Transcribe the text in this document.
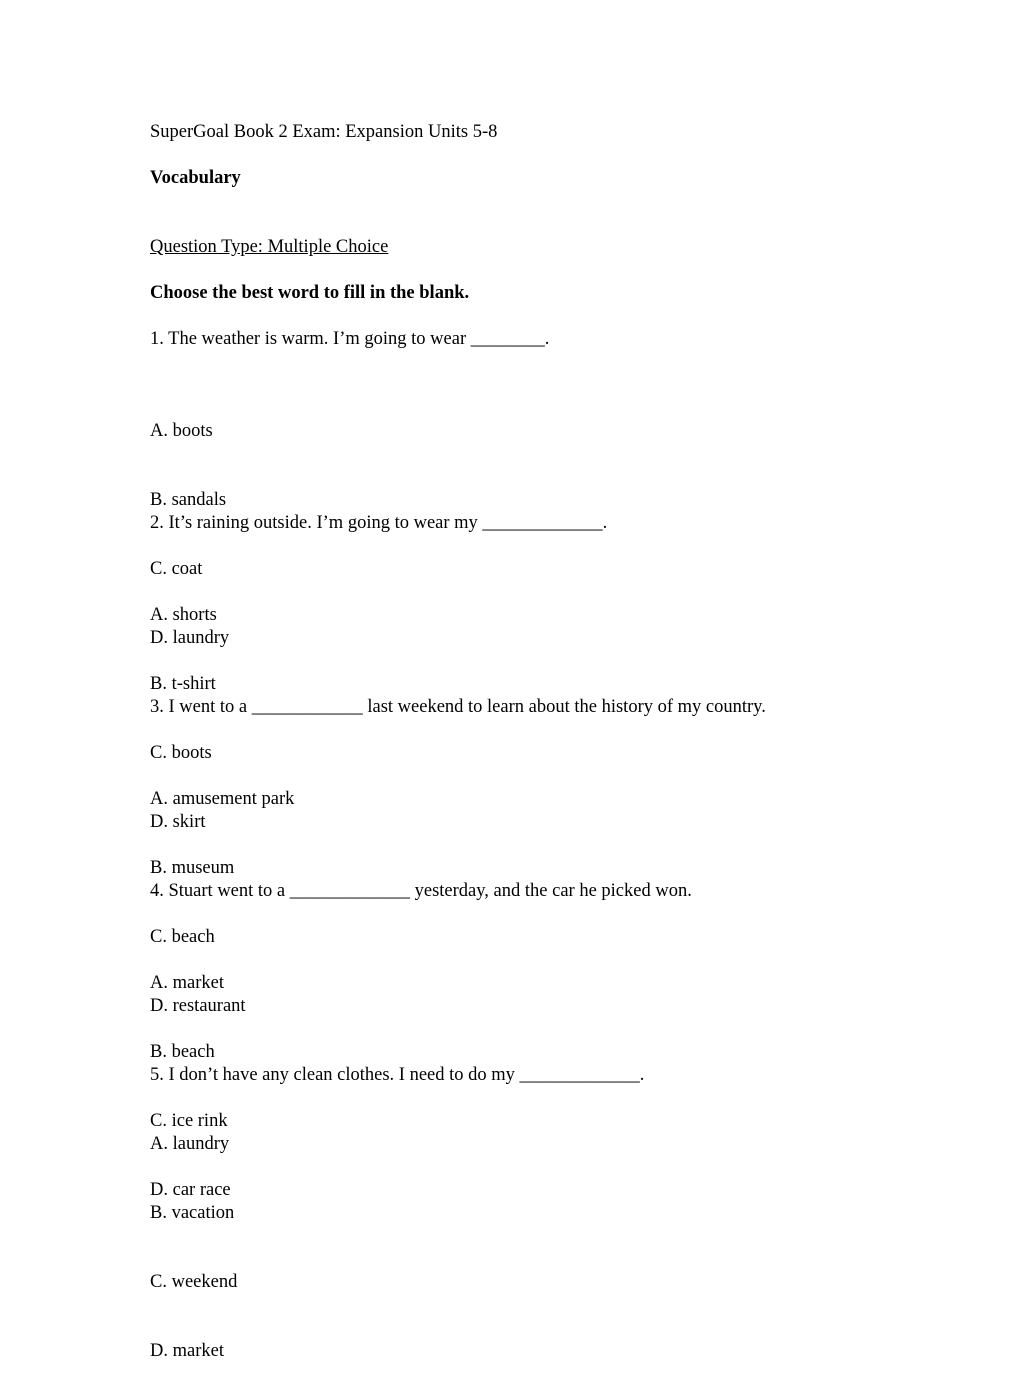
SuperGoal Book 2 Exam: Expansion Units 5-8
Vocabulary
Question Type: Multiple Choice
Choose the best word to fill in the blank.
1. The weather is warm. I’m going to wear ________.

A. boots

B. sandals

C. coat

D. laundry

2. It’s raining outside. I’m going to wear my _____________.

A. shorts

B. t-shirt

C. boots

D. skirt

3. I went to a ____________ last weekend to learn about the history of my country.

A. amusement park

B. museum

C. beach

D. restaurant

4. Stuart went to a _____________ yesterday, and the car he picked won.

A. market

B. beach

C. ice rink

D. car race

5. I don’t have any clean clothes. I need to do my _____________.

A. laundry

B. vacation

C. weekend

D. market
